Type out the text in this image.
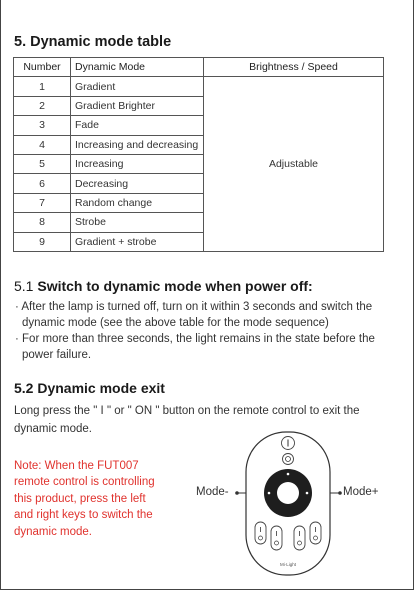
5. Dynamic mode table
Number	Dynamic Mode	Brightness / Speed
1	Gradient	Adjustable
2	Gradient Brighter	
3	Fade	
4	Increasing and decreasing	
5	Increasing	
6	Decreasing	
7	Random change	
8	Strobe	
9	Gradient + strobe	
5.1 Switch to dynamic mode when power off:

· After the lamp is turned off, turn on it within 3 seconds and switch the dynamic mode (see the above table for the mode sequence)

· For more than three seconds, the light remains in the state before the power failure.

5.2 Dynamic mode exit

Long press the " I " or " ON " button on the remote control to exit the dynamic mode.

Note: When the FUT007 remote control is controlling this product, press the left and right keys to switch the dynamic mode.

Mode-	Mode+
Mi·Light
